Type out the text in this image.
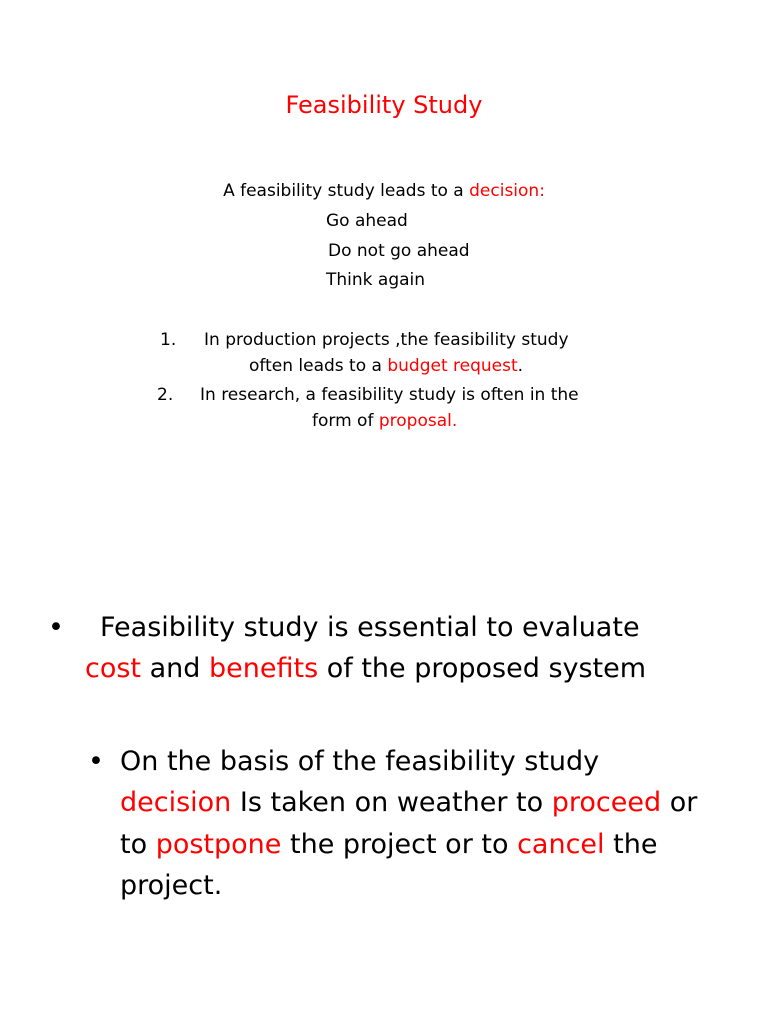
Feasibility Study
A feasibility study leads to a decision:
Go ahead
Do not go ahead
Think again
1. In production projects ,the feasibility study
often leads to a budget request.
2. In research, a feasibility study is often in the
form of proposal.
• Feasibility study is essential to evaluate
cost and benefits of the proposed system
• On the basis of the feasibility study
decision Is taken on weather to proceed or
to postpone the project or to cancel the
project.
